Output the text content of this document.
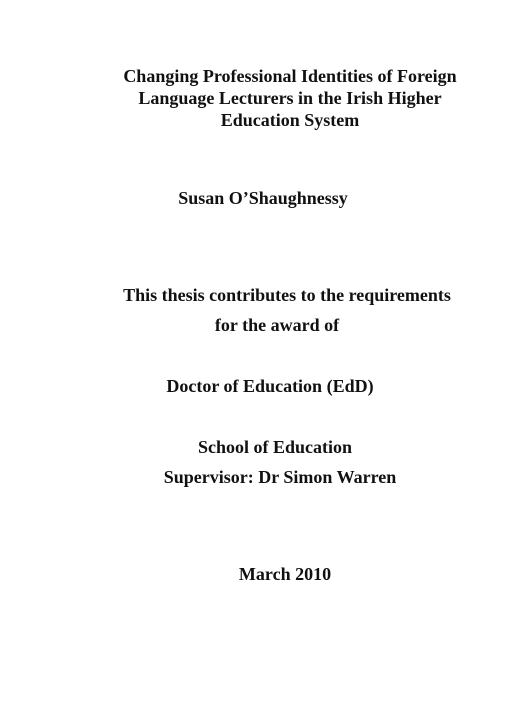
Changing Professional Identities of Foreign
Language Lecturers in the Irish Higher
Education System
Susan O’Shaughnessy
This thesis contributes to the requirements
for the award of
Doctor of Education (EdD)
School of Education
Supervisor: Dr Simon Warren
March 2010
